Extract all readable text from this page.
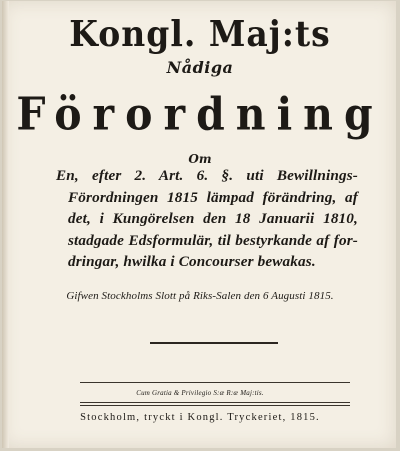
Kongl. Maj:ts
Nådiga
Förordning
Om
En, efter 2. Art. 6. §. uti Bewillnings-
Förordningen 1815 lämpad förändring, af
det, i Kungörelsen den 18 Januarii 1810,
stadgade Edsformulär, til bestyrkande af for-
dringar, hwilka i Concourser bewakas.
Gifwen Stockholms Slott på Riks-Salen den 6 Augusti 1815.
Cum Gratia & Privilegio S:æ R:æ Maj:tis.
Stockholm, tryckt i Kongl. Tryckeriet, 1815.
